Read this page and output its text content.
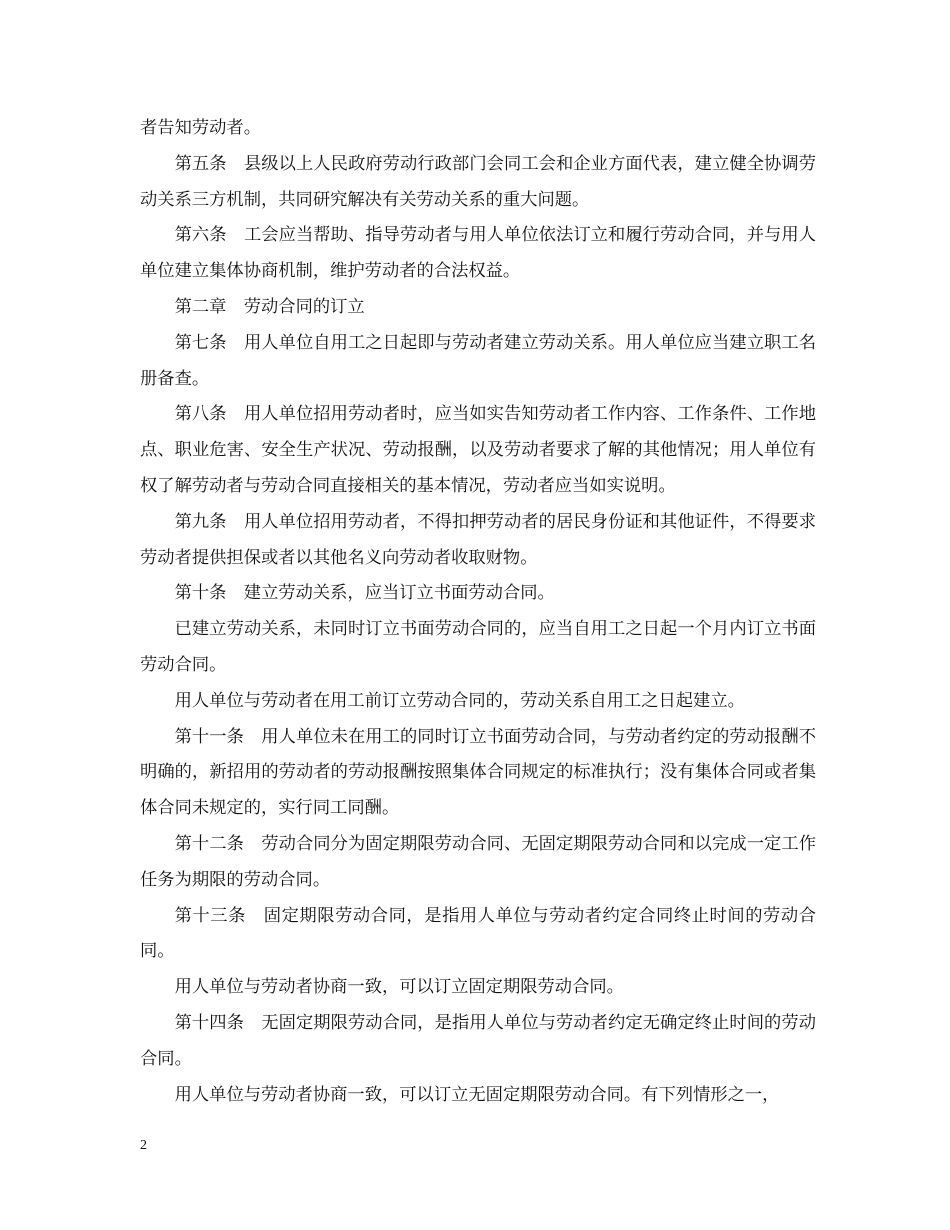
者告知劳动者。

第五条　县级以上人民政府劳动行政部门会同工会和企业方面代表，建立健全协调劳动关系三方机制，共同研究解决有关劳动关系的重大问题。

第六条　工会应当帮助、指导劳动者与用人单位依法订立和履行劳动合同，并与用人单位建立集体协商机制，维护劳动者的合法权益。

第二章　劳动合同的订立

第七条　用人单位自用工之日起即与劳动者建立劳动关系。用人单位应当建立职工名册备查。

第八条　用人单位招用劳动者时，应当如实告知劳动者工作内容、工作条件、工作地点、职业危害、安全生产状况、劳动报酬，以及劳动者要求了解的其他情况；用人单位有权了解劳动者与劳动合同直接相关的基本情况，劳动者应当如实说明。

第九条　用人单位招用劳动者，不得扣押劳动者的居民身份证和其他证件，不得要求劳动者提供担保或者以其他名义向劳动者收取财物。

第十条　建立劳动关系，应当订立书面劳动合同。

已建立劳动关系，未同时订立书面劳动合同的，应当自用工之日起一个月内订立书面劳动合同。

用人单位与劳动者在用工前订立劳动合同的，劳动关系自用工之日起建立。

第十一条　用人单位未在用工的同时订立书面劳动合同，与劳动者约定的劳动报酬不明确的，新招用的劳动者的劳动报酬按照集体合同规定的标准执行；没有集体合同或者集体合同未规定的，实行同工同酬。

第十二条　劳动合同分为固定期限劳动合同、无固定期限劳动合同和以完成一定工作任务为期限的劳动合同。

第十三条　固定期限劳动合同，是指用人单位与劳动者约定合同终止时间的劳动合同。

用人单位与劳动者协商一致，可以订立固定期限劳动合同。

第十四条　无固定期限劳动合同，是指用人单位与劳动者约定无确定终止时间的劳动合同。

用人单位与劳动者协商一致，可以订立无固定期限劳动合同。有下列情形之一，

2
